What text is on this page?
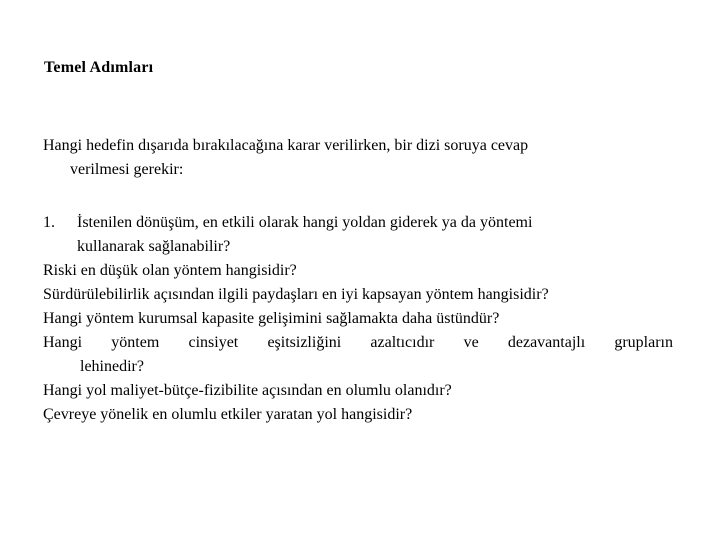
Temel Adımları
Hangi hedefin dışarıda bırakılacağına karar verilirken, bir dizi soruya cevap
verilmesi gerekir:
1.	İstenilen dönüşüm, en etkili olarak hangi yoldan giderek ya da yöntemi
kullanarak sağlanabilir?
Riski en düşük olan yöntem hangisidir?
Sürdürülebilirlik açısından ilgili paydaşları en iyi kapsayan yöntem hangisidir?
Hangi yöntem kurumsal kapasite gelişimini sağlamakta daha üstündür?
Hangi yöntem cinsiyet eşitsizliğini azaltıcıdır ve dezavantajlı grupların
lehinedir?
Hangi yol maliyet-bütçe-fizibilite açısından en olumlu olanıdır?
Çevreye yönelik en olumlu etkiler yaratan yol hangisidir?
